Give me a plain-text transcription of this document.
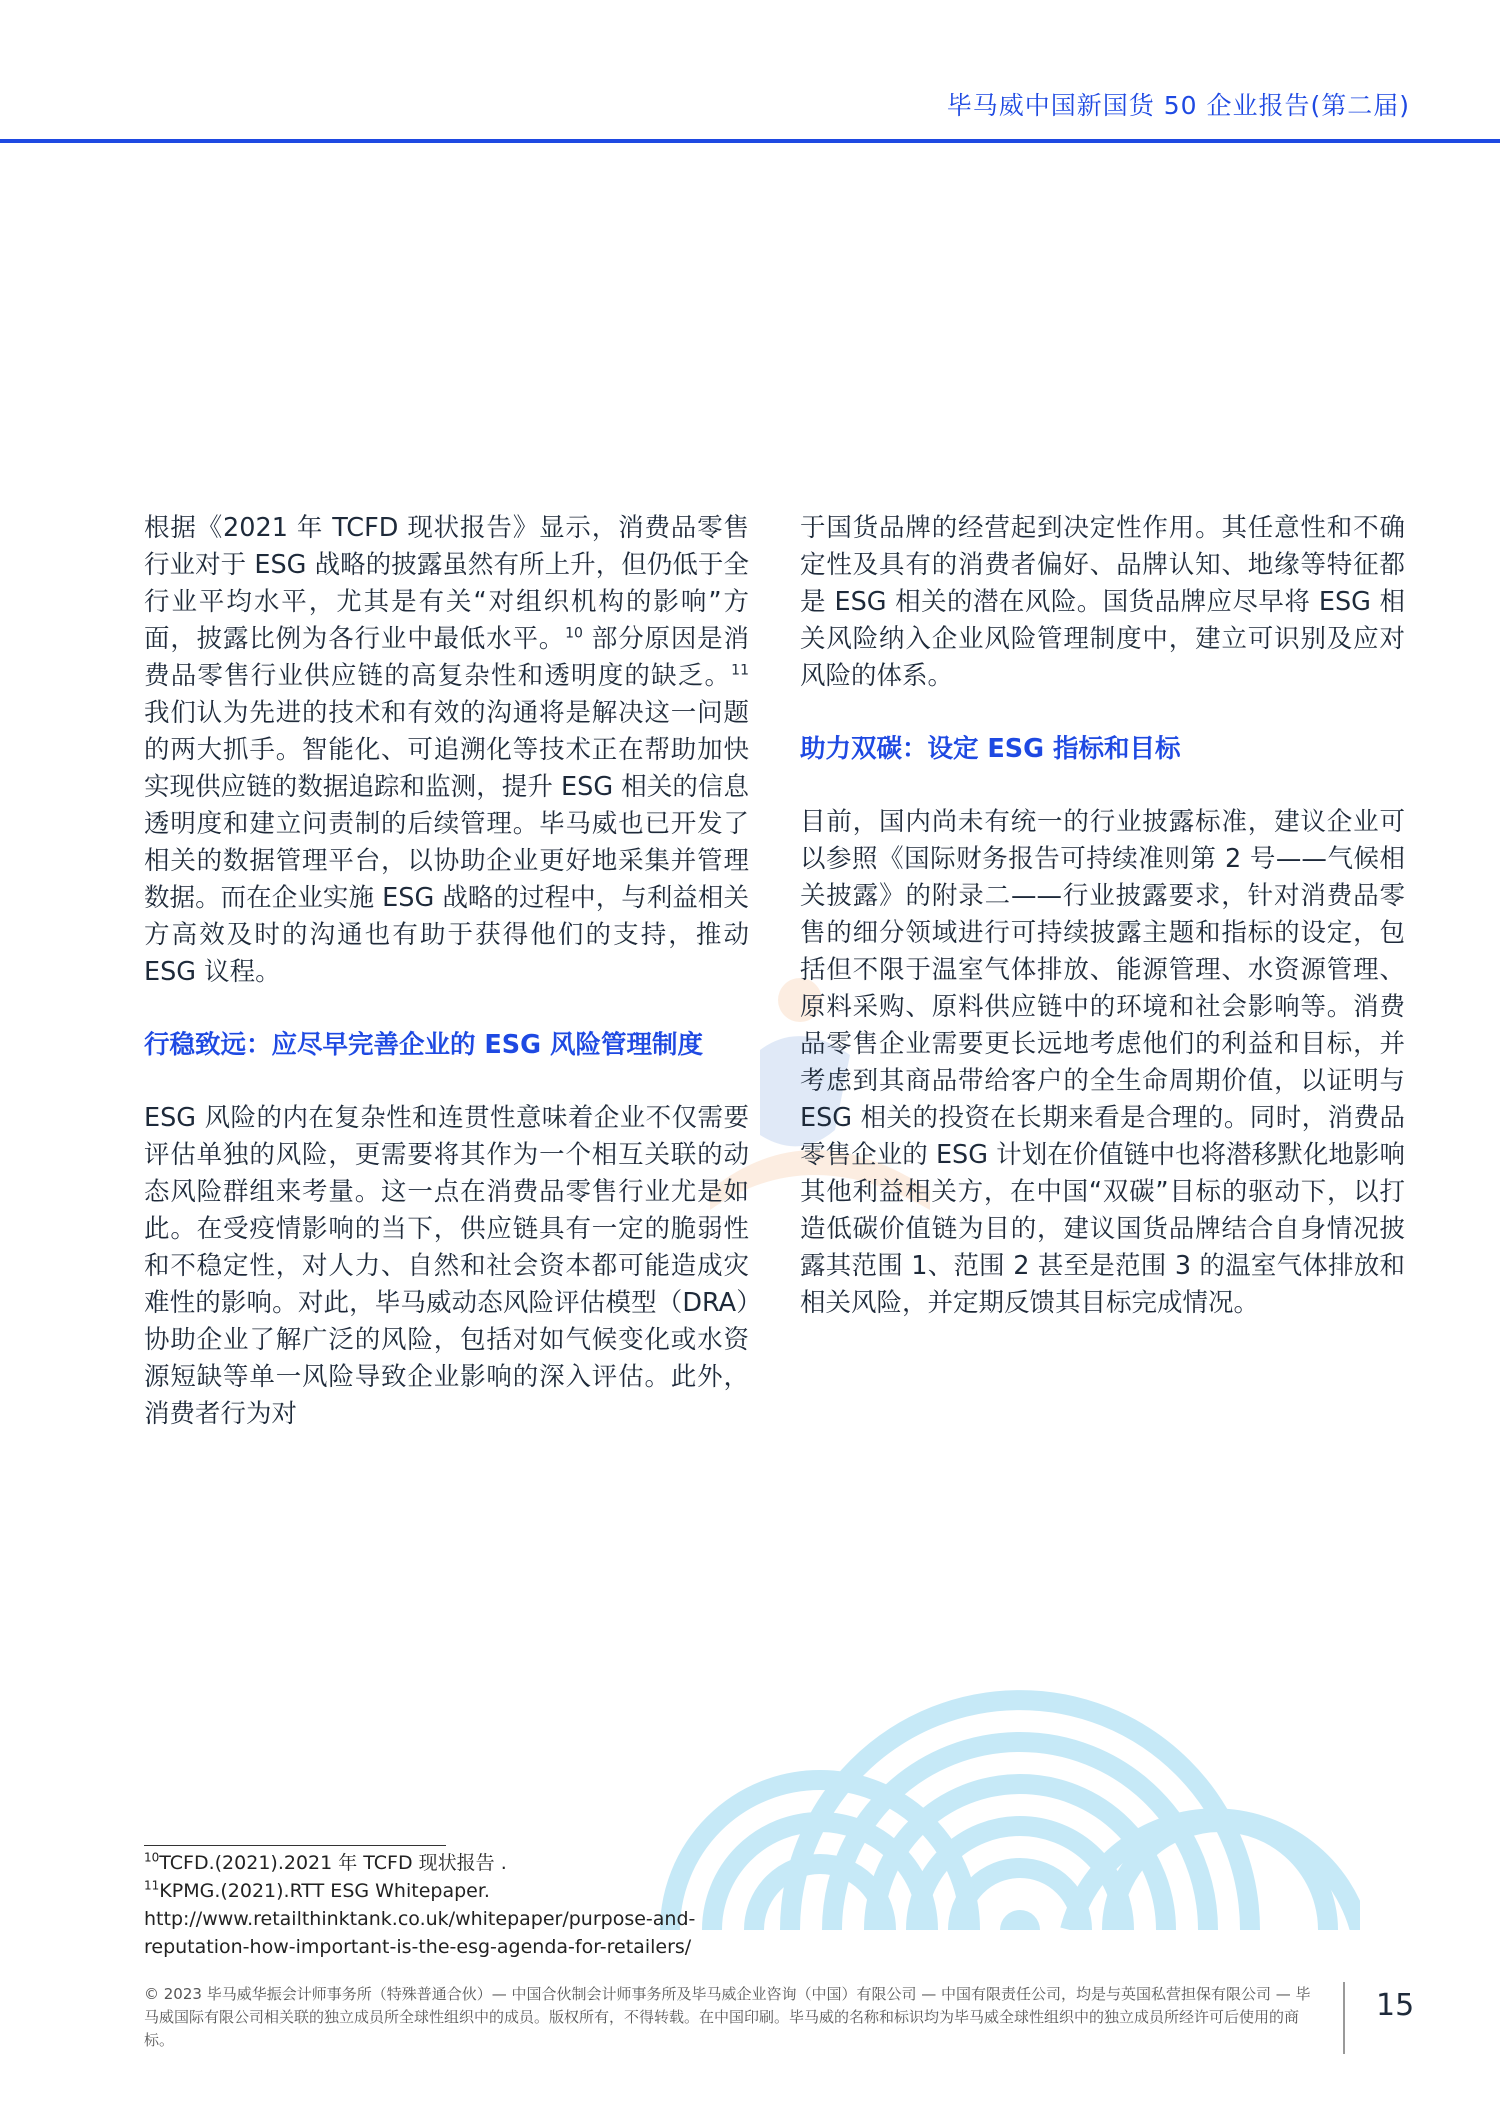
毕马威中国新国货 50 企业报告(第二届)

根据《2021 年 TCFD 现状报告》显示，消费品零售行业对于 ESG 战略的披露虽然有所上升，但仍低于全行业平均水平，尤其是有关“对组织机构的影响”方面，披露比例为各行业中最低水平。$^{10}$ 部分原因是消费品零售行业供应链的高复杂性和透明度的缺乏。$^{11}$ 我们认为先进的技术和有效的沟通将是解决这一问题的两大抓手。智能化、可追溯化等技术正在帮助加快实现供应链的数据追踪和监测，提升 ESG 相关的信息透明度和建立问责制的后续管理。毕马威也已开发了相关的数据管理平台，以协助企业更好地采集并管理数据。而在企业实施 ESG 战略的过程中，与利益相关方高效及时的沟通也有助于获得他们的支持，推动 ESG 议程。

行稳致远：应尽早完善企业的 ESG 风险管理制度

ESG 风险的内在复杂性和连贯性意味着企业不仅需要评估单独的风险，更需要将其作为一个相互关联的动态风险群组来考量。这一点在消费品零售行业尤是如此。在受疫情影响的当下，供应链具有一定的脆弱性和不稳定性，对人力、自然和社会资本都可能造成灾难性的影响。对此，毕马威动态风险评估模型（DRA）协助企业了解广泛的风险，包括对如气候变化或水资源短缺等单一风险导致企业影响的深入评估。此外，消费者行为对

于国货品牌的经营起到决定性作用。其任意性和不确定性及具有的消费者偏好、品牌认知、地缘等特征都是 ESG 相关的潜在风险。国货品牌应尽早将 ESG 相关风险纳入企业风险管理制度中，建立可识别及应对风险的体系。

助力双碳：设定 ESG 指标和目标

目前，国内尚未有统一的行业披露标准，建议企业可以参照《国际财务报告可持续准则第 2 号——气候相关披露》的附录二——行业披露要求，针对消费品零售的细分领域进行可持续披露主题和指标的设定，包括但不限于温室气体排放、能源管理、水资源管理、原料采购、原料供应链中的环境和社会影响等。消费品零售企业需要更长远地考虑他们的利益和目标，并考虑到其商品带给客户的全生命周期价值，以证明与 ESG 相关的投资在长期来看是合理的。同时，消费品零售企业的 ESG 计划在价值链中也将潜移默化地影响其他利益相关方，在中国“双碳”目标的驱动下，以打造低碳价值链为目的，建议国货品牌结合自身情况披露其范围 1、范围 2 甚至是范围 3 的温室气体排放和相关风险，并定期反馈其目标完成情况。

$^{10}$TCFD.(2021).2021 年 TCFD 现状报告 .
$^{11}$KPMG.(2021).RTT ESG Whitepaper. http://www.retailthinktank.co.uk/whitepaper/purpose-and-reputation-how-important-is-the-esg-agenda-for-retailers/
© 2023 毕马威华振会计师事务所（特殊普通合伙）— 中国合伙制会计师事务所及毕马威企业咨询（中国）有限公司 — 中国有限责任公司，均是与英国私营担保有限公司 — 毕马威国际有限公司相关联的独立成员所全球性组织中的成员。版权所有，不得转载。在中国印刷。毕马威的名称和标识均为毕马威全球性组织中的独立成员所经许可后使用的商标。
15
